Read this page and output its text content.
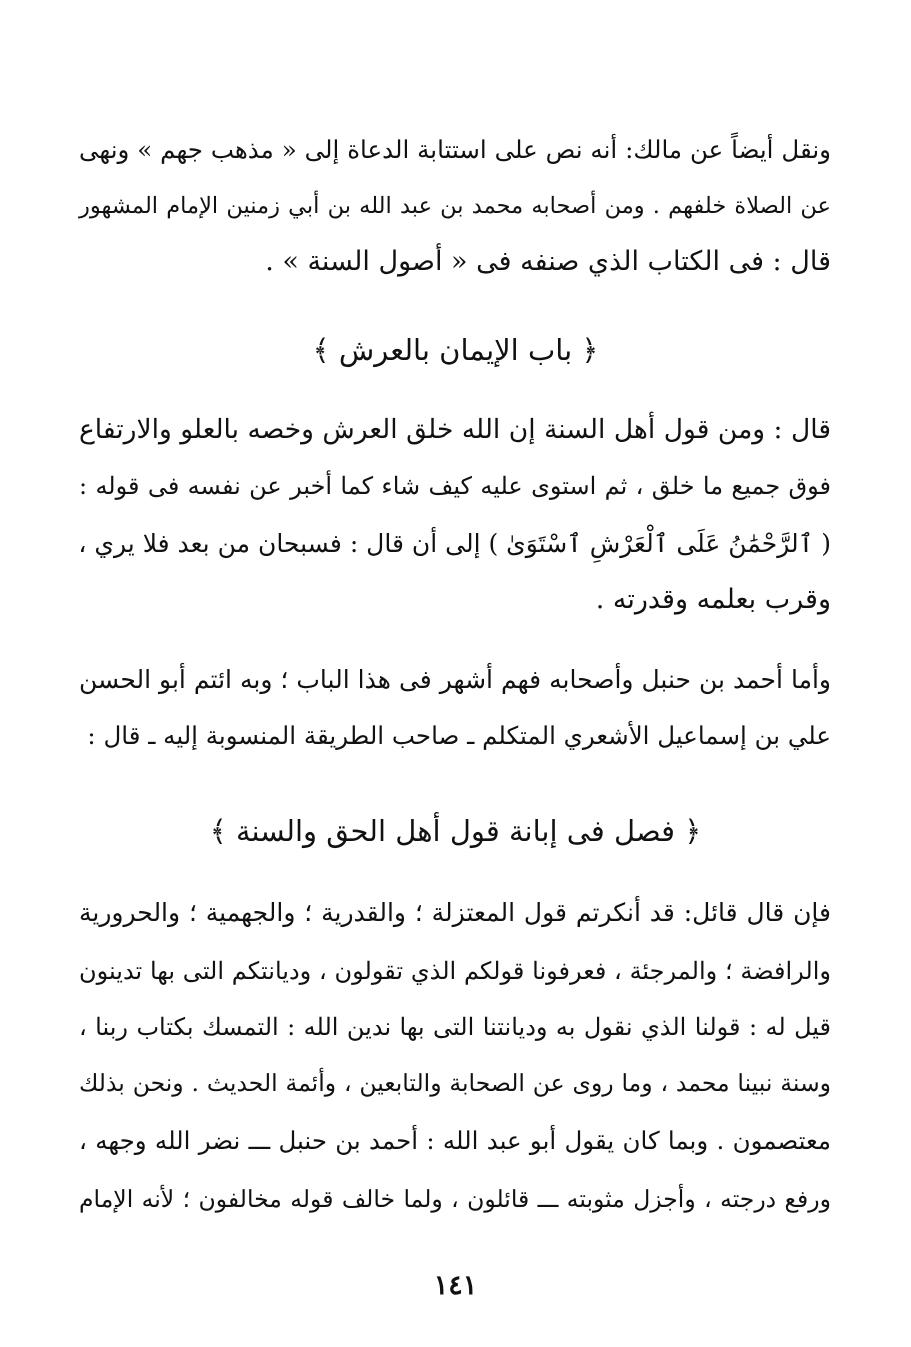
ونقل أيضاً عن مالك: أنه نص على استتابة الدعاة إلى « مذهب جهم » ونهى
عن الصلاة خلفهم . ومن أصحابه محمد بن عبد الله بن أبي زمنين الإمام المشهور
قال : فى الكتاب الذي صنفه فى « أصول السنة » .
﴿ باب الإيمان بالعرش ﴾
قال : ومن قول أهل السنة إن الله خلق العرش وخصه بالعلو والارتفاع
فوق جميع ما خلق ، ثم استوى عليه كيف شاء كما أخبر عن نفسه فى قوله :
( ٱلرَّحْمَٰنُ عَلَى ٱلْعَرْشِ ٱسْتَوَىٰ ) إلى أن قال : فسبحان من بعد فلا يري ،
وقرب بعلمه وقدرته .
وأما أحمد بن حنبل وأصحابه فهم أشهر فى هذا الباب ؛ وبه ائتم أبو الحسن
علي بن إسماعيل الأشعري المتكلم ـ صاحب الطريقة المنسوبة إليه ـ قال :
﴿ فصل فى إبانة قول أهل الحق والسنة ﴾
فإن قال قائل: قد أنكرتم قول المعتزلة ؛ والقدرية ؛ والجهمية ؛ والحرورية
والرافضة ؛ والمرجئة ، فعرفونا قولكم الذي تقولون ، وديانتكم التى بها تدينون
قيل له : قولنا الذي نقول به وديانتنا التى بها ندين الله : التمسك بكتاب ربنا ،
وسنة نبينا محمد ، وما روى عن الصحابة والتابعين ، وأئمة الحديث . ونحن بذلك
معتصمون . وبما كان يقول أبو عبد الله : أحمد بن حنبل ـــ نضر الله وجهه ،
ورفع درجته ، وأجزل مثوبته ـــ قائلون ، ولما خالف قوله مخالفون ؛ لأنه الإمام
١٤١
